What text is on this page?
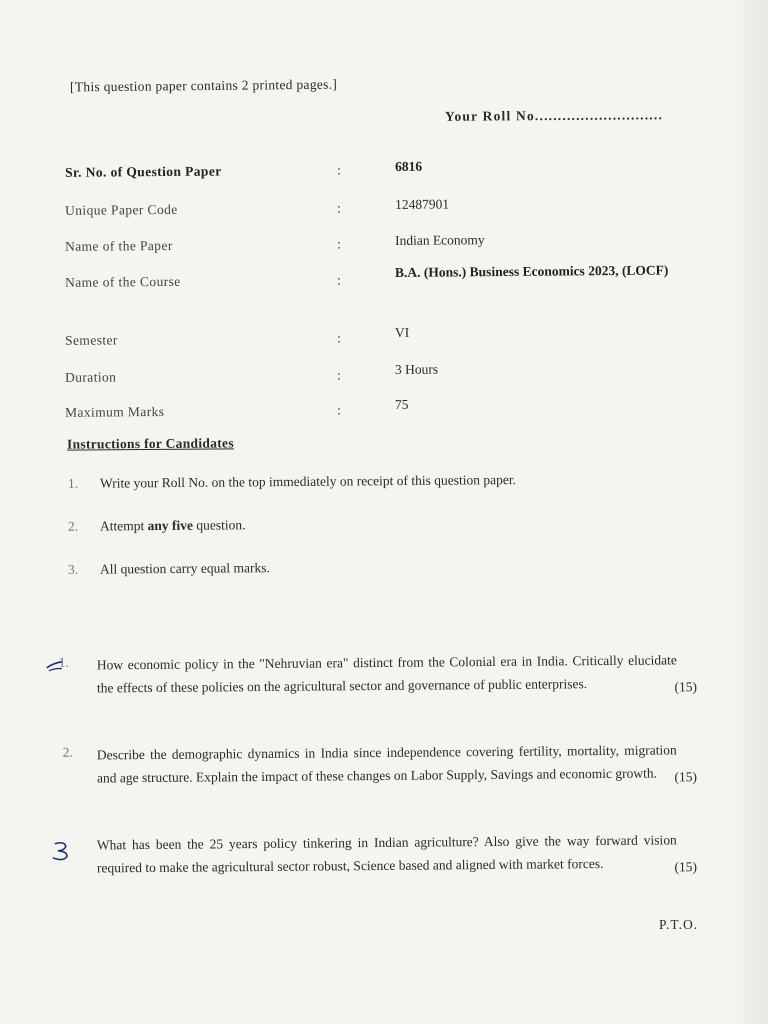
[This question paper contains 2 printed pages.]
Your Roll No............................
Sr. No. of Question Paper	:	6816
Unique Paper Code	:	12487901
Name of the Paper	:	Indian Economy
Name of the Course	:	B.A. (Hons.) Business Economics 2023, (LOCF)
Semester	:	VI
Duration	:	3 Hours
Maximum Marks	:	75
Instructions for Candidates
1. Write your Roll No. on the top immediately on receipt of this question paper.
2. Attempt any five question.
3. All question carry equal marks.
1.	How economic policy in the "Nehruvian era" distinct from the Colonial era in India. Critically elucidate the effects of these policies on the agricultural sector and governance of public enterprises.	(15)
2.	Describe the demographic dynamics in India since independence covering fertility, mortality, migration and age structure. Explain the impact of these changes on Labor Supply, Savings and economic growth.	(15)
What has been the 25 years policy tinkering in Indian agriculture? Also give the way forward vision required to make the agricultural sector robust, Science based and aligned with market forces.	(15)
P.T.O.
